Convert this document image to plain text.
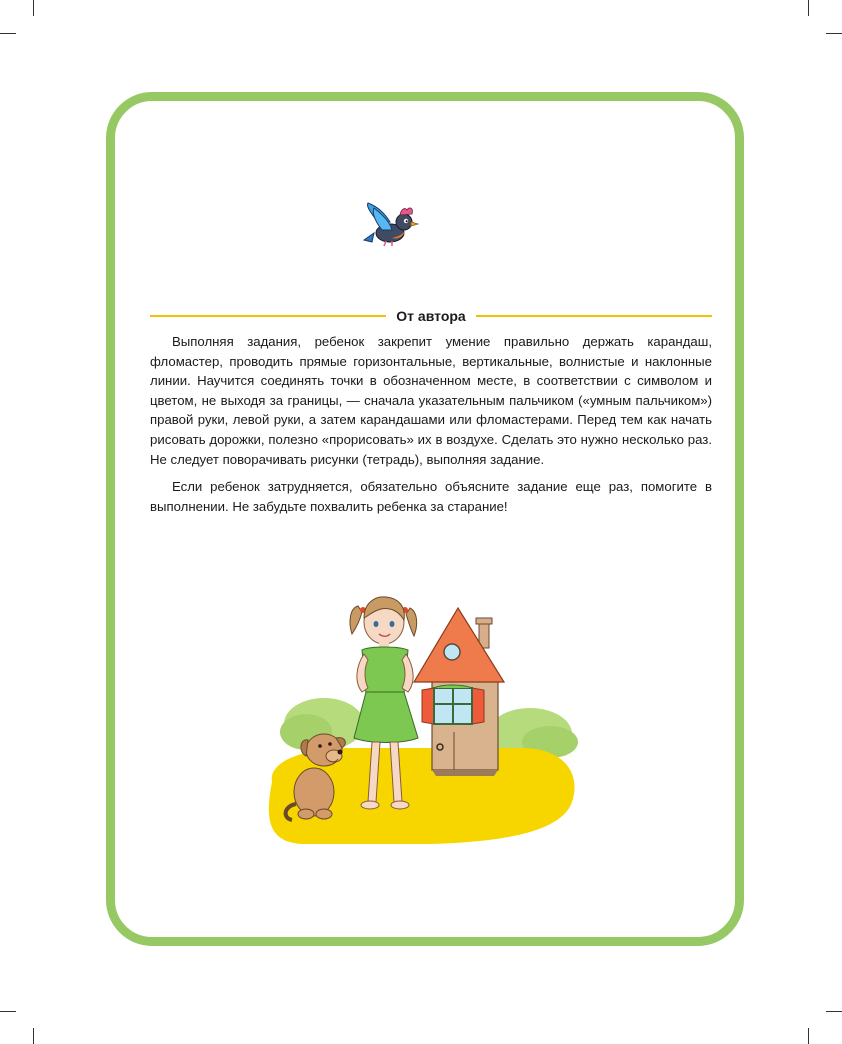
От автора

Выполняя задания, ребенок закрепит умение правильно держать карандаш, фломастер, проводить прямые горизонтальные, вертикальные, волнистые и наклонные линии. Научится соединять точки в обозначенном месте, в соответствии с символом и цветом, не выходя за границы, — сначала указательным пальчиком («умным пальчиком») правой руки, левой руки, а затем карандашами или фломастерами. Перед тем как начать рисовать дорожки, полезно «прорисовать» их в воздухе. Сделать это нужно несколько раз. Не следует поворачивать рисунки (тетрадь), выполняя задание.

Если ребенок затрудняется, обязательно объясните задание еще раз, помогите в выполнении. Не забудьте похвалить ребенка за старание!
